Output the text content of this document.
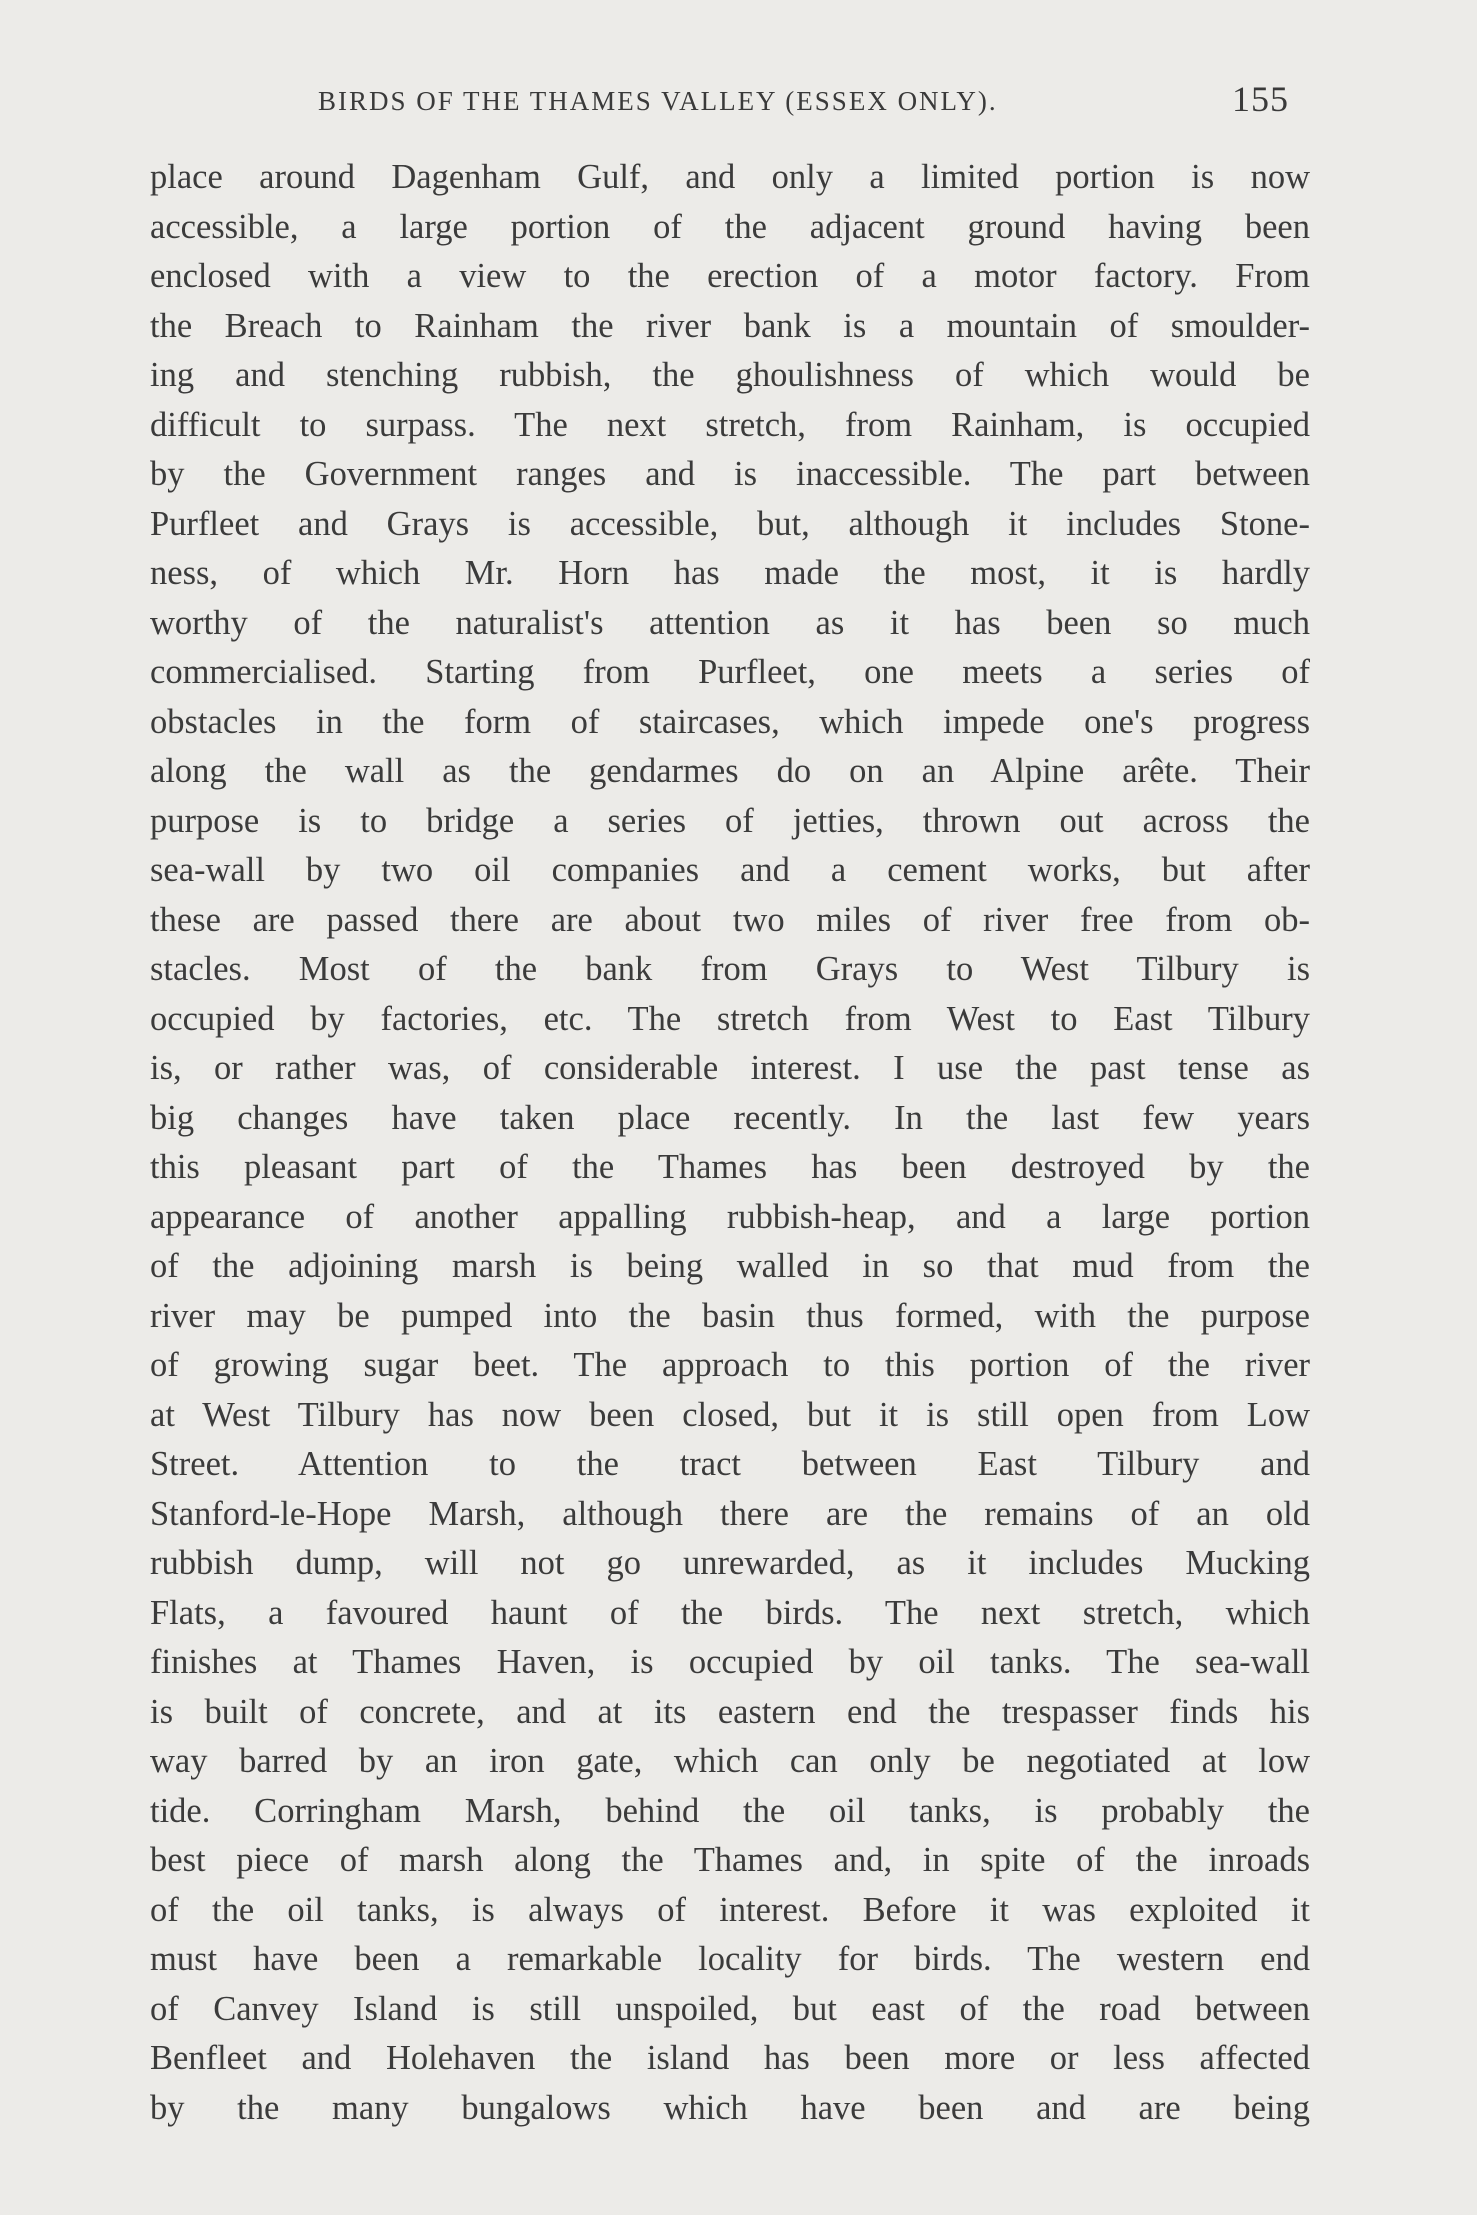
BIRDS OF THE THAMES VALLEY (ESSEX ONLY).	155
place around Dagenham Gulf, and only a limited portion is now
accessible, a large portion of the adjacent ground having been
enclosed with a view to the erection of a motor factory. From
the Breach to Rainham the river bank is a mountain of smoulder-
ing and stenching rubbish, the ghoulishness of which would be
difficult to surpass. The next stretch, from Rainham, is occupied
by the Government ranges and is inaccessible. The part between
Purfleet and Grays is accessible, but, although it includes Stone-
ness, of which Mr. Horn has made the most, it is hardly
worthy of the naturalist's attention as it has been so much
commercialised. Starting from Purfleet, one meets a series of
obstacles in the form of staircases, which impede one's progress
along the wall as the gendarmes do on an Alpine arête. Their
purpose is to bridge a series of jetties, thrown out across the
sea-wall by two oil companies and a cement works, but after
these are passed there are about two miles of river free from ob-
stacles. Most of the bank from Grays to West Tilbury is
occupied by factories, etc. The stretch from West to East Tilbury
is, or rather was, of considerable interest. I use the past tense as
big changes have taken place recently. In the last few years
this pleasant part of the Thames has been destroyed by the
appearance of another appalling rubbish-heap, and a large portion
of the adjoining marsh is being walled in so that mud from the
river may be pumped into the basin thus formed, with the purpose
of growing sugar beet. The approach to this portion of the river
at West Tilbury has now been closed, but it is still open from Low
Street. Attention to the tract between East Tilbury and
Stanford-le-Hope Marsh, although there are the remains of an old
rubbish dump, will not go unrewarded, as it includes Mucking
Flats, a favoured haunt of the birds. The next stretch, which
finishes at Thames Haven, is occupied by oil tanks. The sea-wall
is built of concrete, and at its eastern end the trespasser finds his
way barred by an iron gate, which can only be negotiated at low
tide. Corringham Marsh, behind the oil tanks, is probably the
best piece of marsh along the Thames and, in spite of the inroads
of the oil tanks, is always of interest. Before it was exploited it
must have been a remarkable locality for birds. The western end
of Canvey Island is still unspoiled, but east of the road between
Benfleet and Holehaven the island has been more or less affected
by the many bungalows which have been and are being
